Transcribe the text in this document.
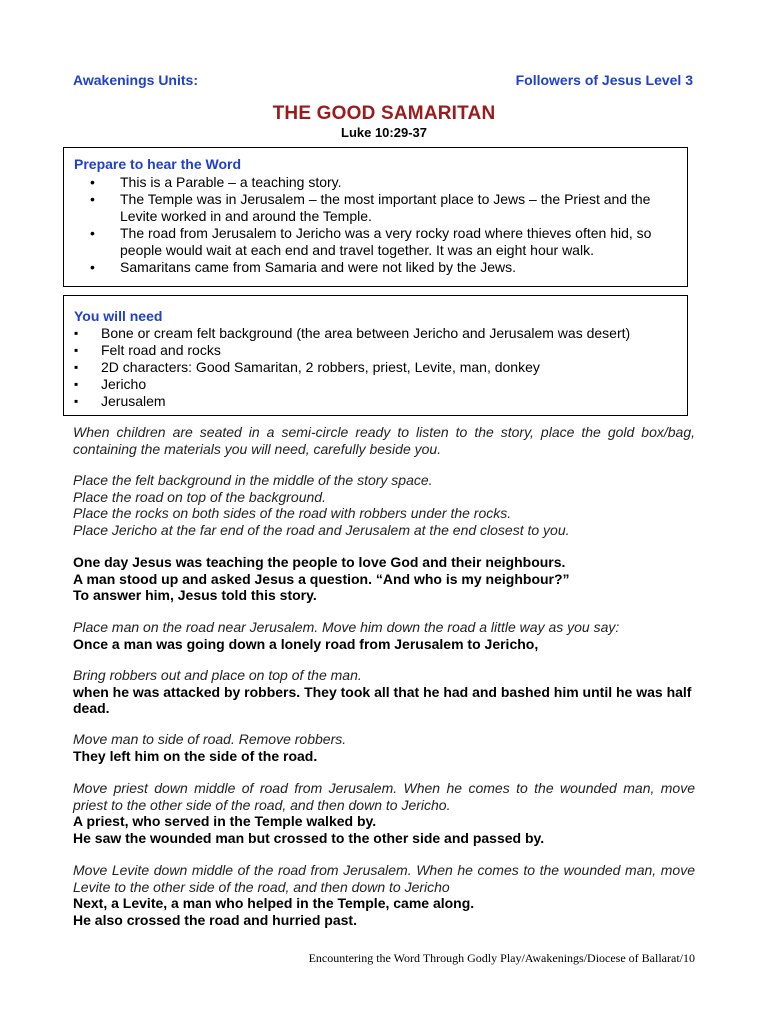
Awakenings Units:	Followers of Jesus Level 3
THE GOOD SAMARITAN
Luke 10:29-37
Prepare to hear the Word
• This is a Parable – a teaching story.
• The Temple was in Jerusalem – the most important place to Jews – the Priest and the Levite worked in and around the Temple.
• The road from Jerusalem to Jericho was a very rocky road where thieves often hid, so people would wait at each end and travel together. It was an eight hour walk.
• Samaritans came from Samaria and were not liked by the Jews.
You will need
▪ Bone or cream felt background (the area between Jericho and Jerusalem was desert)
▪ Felt road and rocks
▪ 2D characters: Good Samaritan, 2 robbers, priest, Levite, man, donkey
▪ Jericho
▪ Jerusalem
When children are seated in a semi-circle ready to listen to the story, place the gold box/bag, containing the materials you will need, carefully beside you.
Place the felt background in the middle of the story space.
Place the road on top of the background.
Place the rocks on both sides of the road with robbers under the rocks.
Place Jericho at the far end of the road and Jerusalem at the end closest to you.
One day Jesus was teaching the people to love God and their neighbours.
A man stood up and asked Jesus a question. “And who is my neighbour?”
To answer him, Jesus told this story.
Place man on the road near Jerusalem. Move him down the road a little way as you say:
Once a man was going down a lonely road from Jerusalem to Jericho,
Bring robbers out and place on top of the man.
when he was attacked by robbers. They took all that he had and bashed him until he was half dead.
Move man to side of road. Remove robbers.
They left him on the side of the road.
Move priest down middle of road from Jerusalem. When he comes to the wounded man, move priest to the other side of the road, and then down to Jericho.
A priest, who served in the Temple walked by.
He saw the wounded man but crossed to the other side and passed by.
Move Levite down middle of the road from Jerusalem. When he comes to the wounded man, move Levite to the other side of the road, and then down to Jericho
Next, a Levite, a man who helped in the Temple, came along.
He also crossed the road and hurried past.
Encountering the Word Through Godly Play/Awakenings/Diocese of Ballarat/10
